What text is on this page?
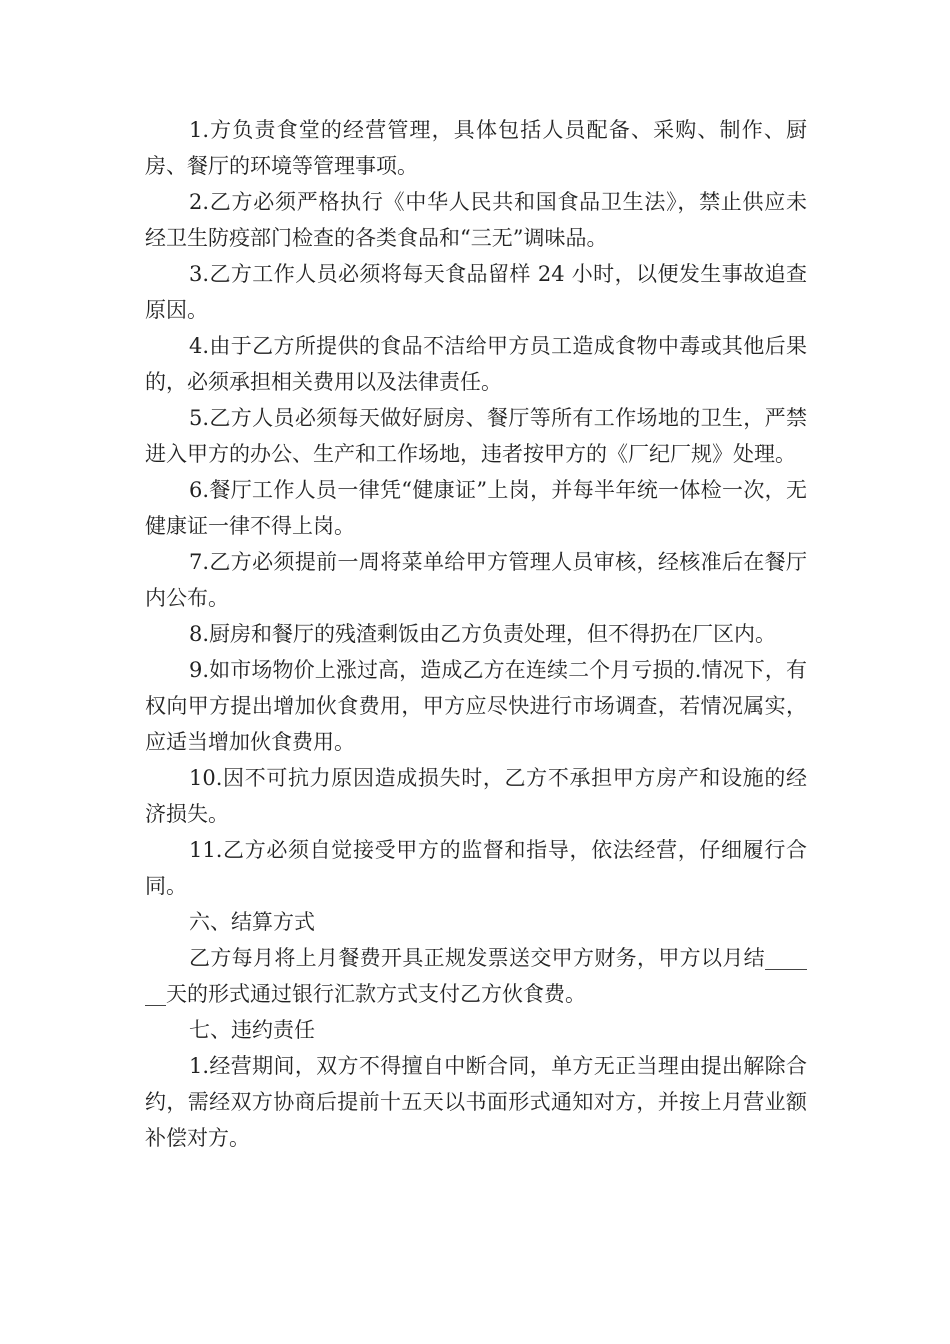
1.方负责食堂的经营管理，具体包括人员配备、采购、制作、厨房、餐厅的环境等管理事项。

2.乙方必须严格执行《中华人民共和国食品卫生法》，禁止供应未经卫生防疫部门检查的各类食品和“三无”调味品。

3.乙方工作人员必须将每天食品留样 24 小时，以便发生事故追查原因。

4.由于乙方所提供的食品不洁给甲方员工造成食物中毒或其他后果的，必须承担相关费用以及法律责任。

5.乙方人员必须每天做好厨房、餐厅等所有工作场地的卫生，严禁进入甲方的办公、生产和工作场地，违者按甲方的《厂纪厂规》处理。

6.餐厅工作人员一律凭“健康证”上岗，并每半年统一体检一次，无健康证一律不得上岗。

7.乙方必须提前一周将菜单给甲方管理人员审核，经核准后在餐厅内公布。

8.厨房和餐厅的残渣剩饭由乙方负责处理，但不得扔在厂区内。

9.如市场物价上涨过高，造成乙方在连续二个月亏损的.情况下，有权向甲方提出增加伙食费用，甲方应尽快进行市场调查，若情况属实，应适当增加伙食费用。

10.因不可抗力原因造成损失时，乙方不承担甲方房产和设施的经济损失。

11.乙方必须自觉接受甲方的监督和指导，依法经营，仔细履行合同。

六、结算方式

乙方每月将上月餐费开具正规发票送交甲方财务，甲方以月结______天的形式通过银行汇款方式支付乙方伙食费。

七、违约责任

1.经营期间，双方不得擅自中断合同，单方无正当理由提出解除合约，需经双方协商后提前十五天以书面形式通知对方，并按上月营业额补偿对方。
